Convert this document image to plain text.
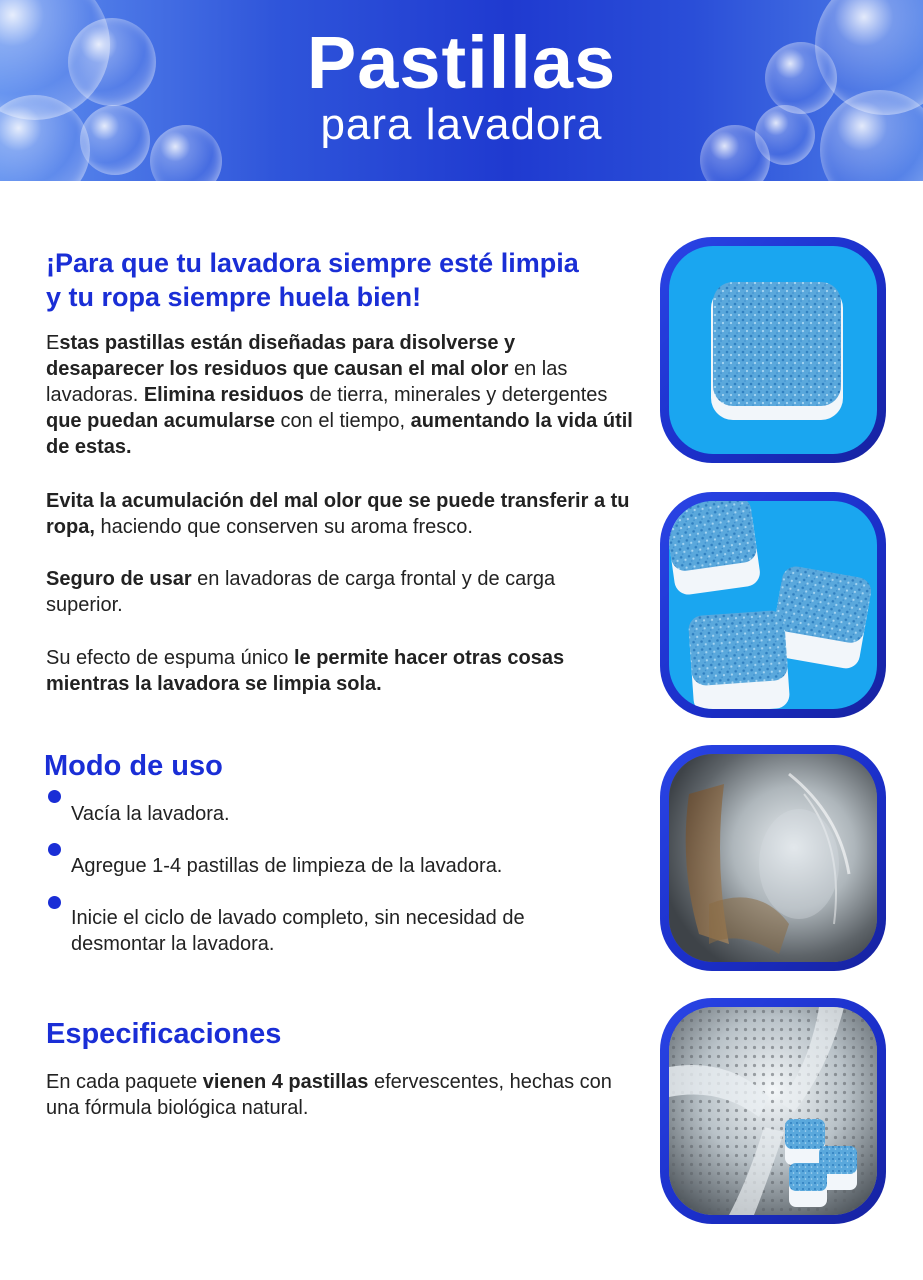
Pastillas
para lavadora
¡Para que tu lavadora siempre esté limpia
y tu ropa siempre huela bien!
Estas pastillas están diseñadas para disolverse y desaparecer los residuos que causan el mal olor en las lavadoras. Elimina residuos de tierra, minerales y detergentes que puedan acumularse con el tiempo, aumentando la vida útil de estas.
Evita la acumulación del mal olor que se puede transferir a tu ropa, haciendo que conserven su aroma fresco.
Seguro de usar en lavadoras de carga frontal y de carga superior.
Su efecto de espuma único le permite hacer otras cosas mientras la lavadora se limpia sola.
Modo de uso
Vacía la lavadora.
Agregue 1-4 pastillas de limpieza de la lavadora.
Inicie el ciclo de lavado completo, sin necesidad de desmontar la lavadora.
Especificaciones
En cada paquete vienen 4 pastillas efervescentes, hechas con una fórmula biológica natural.
